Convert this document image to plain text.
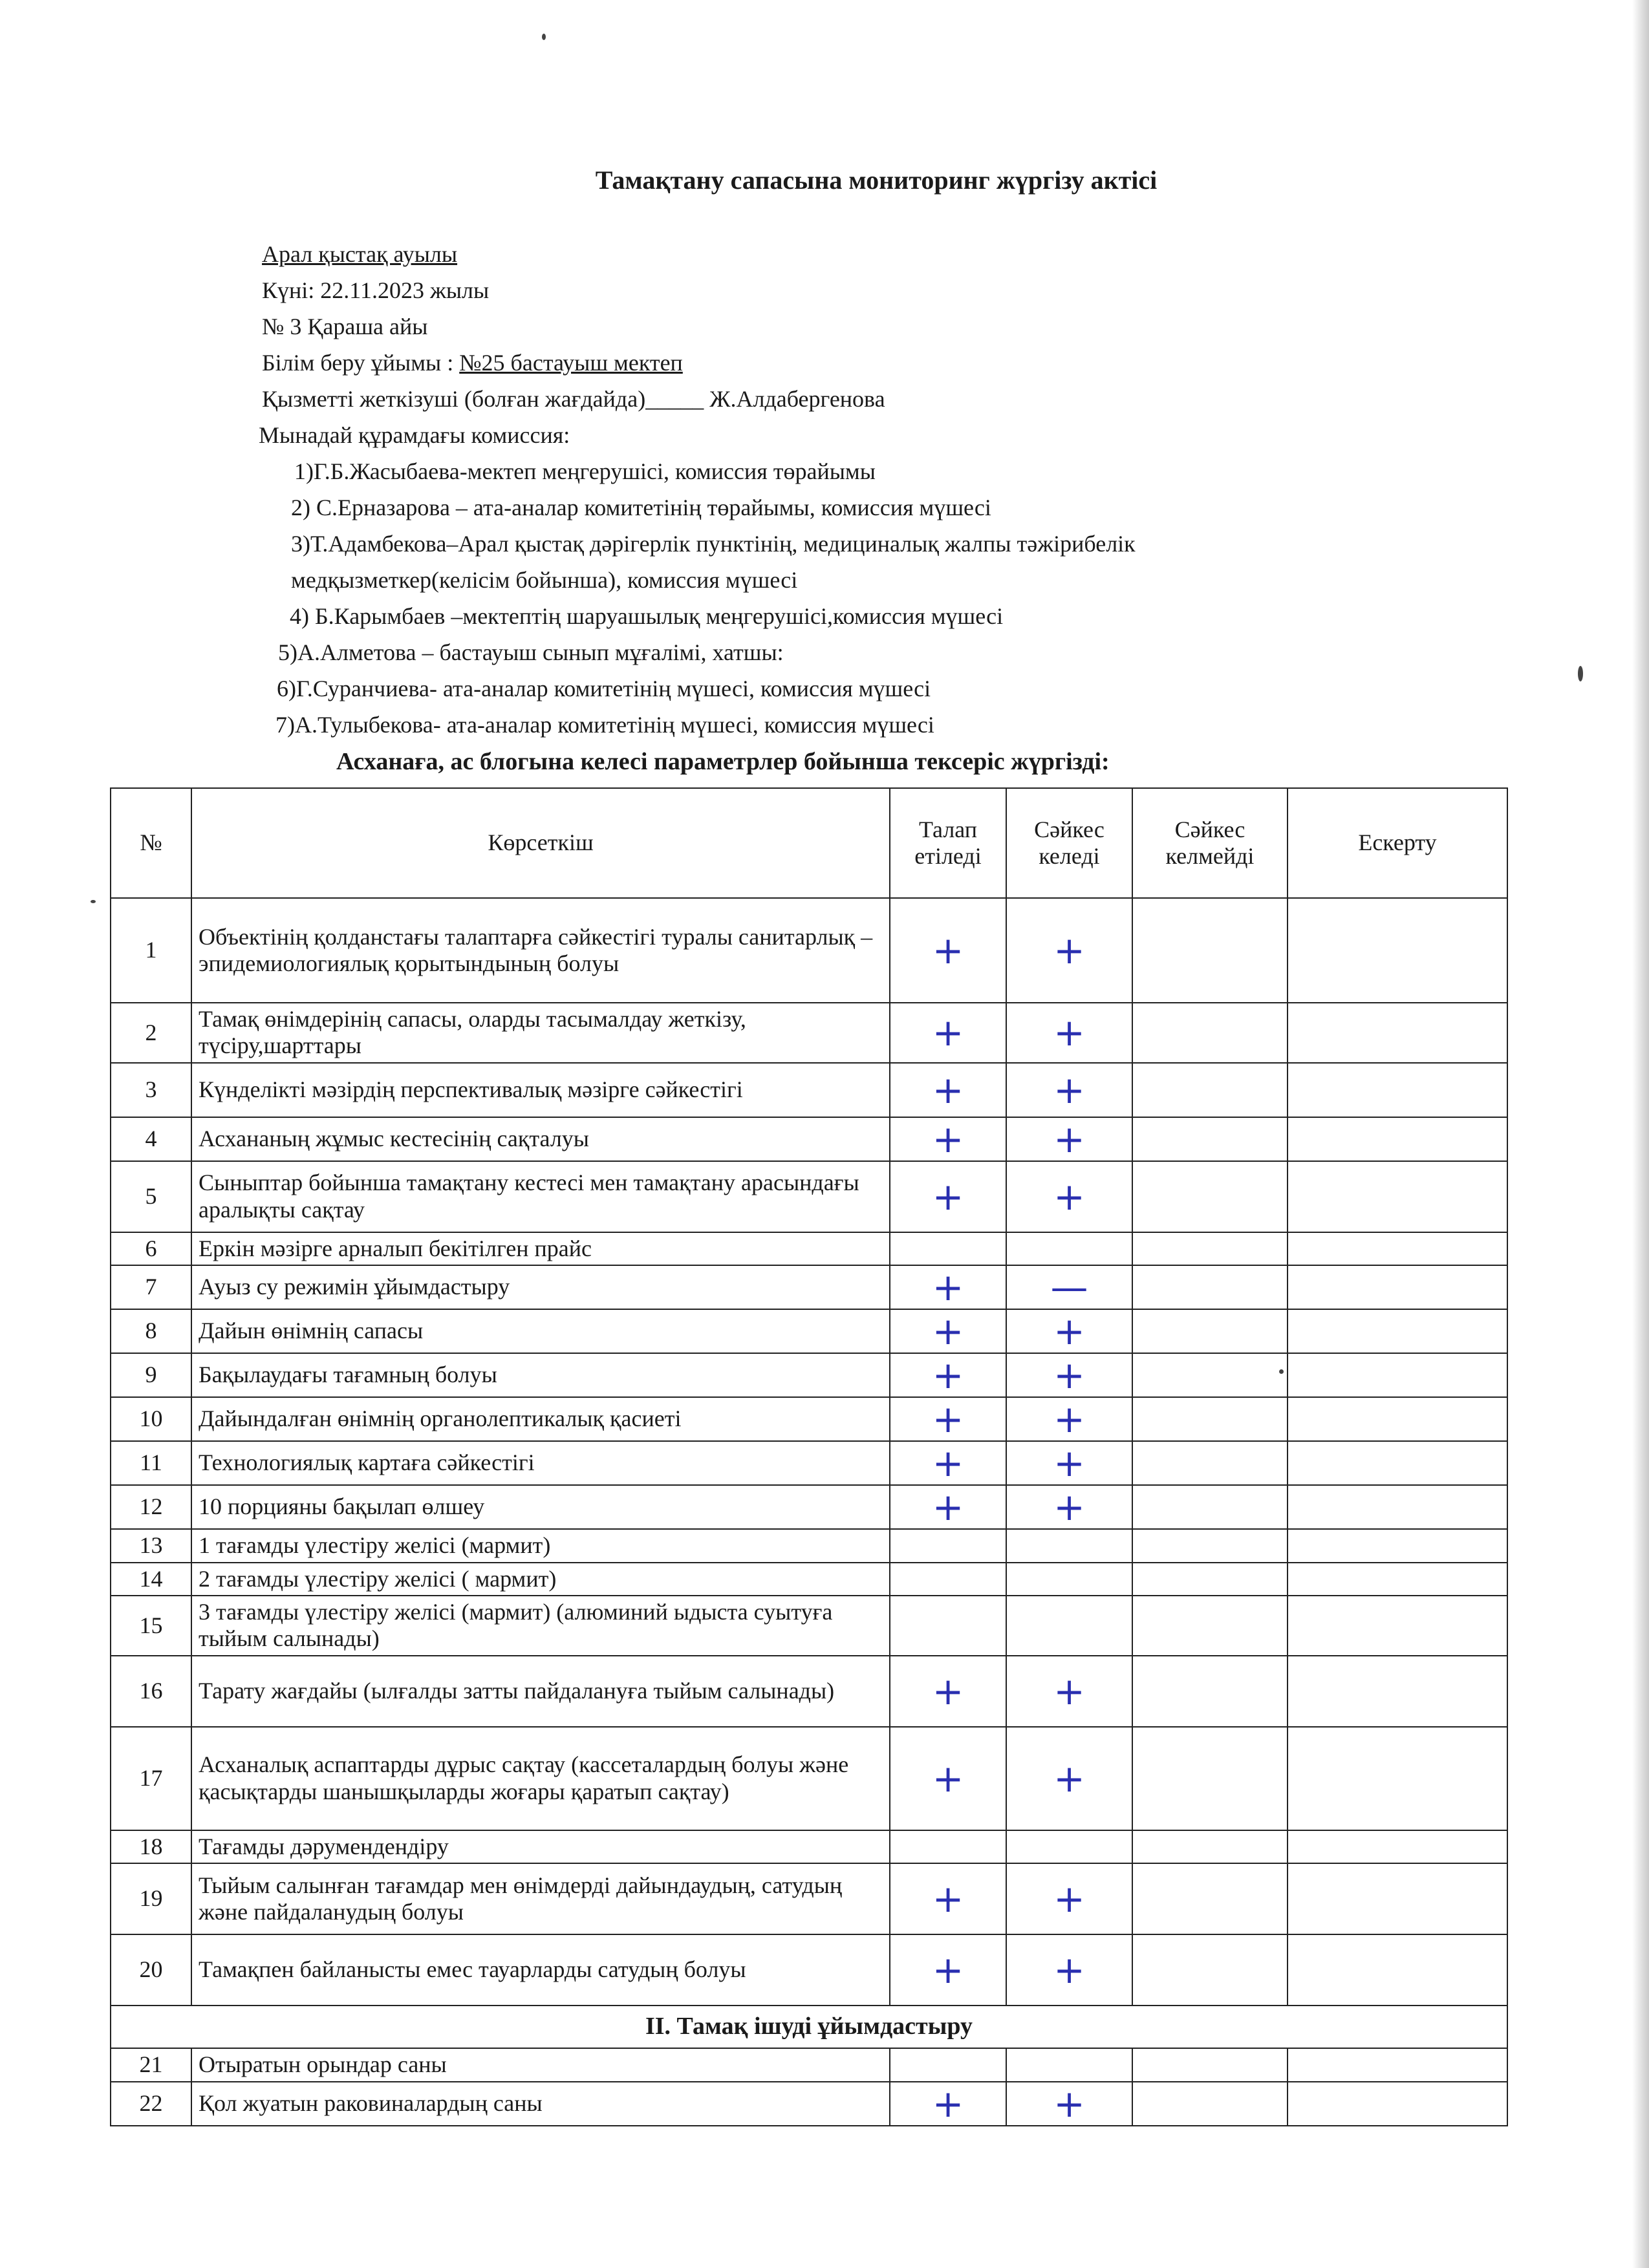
Тамақтану сапасына мониторинг жүргізу актісі
Арал қыстақ ауылы
Күні: 22.11.2023 жылы
№ 3 Қараша айы
Білім беру ұйымы : №25 бастауыш мектеп
Қызметті жеткізуші (болған жағдайда)_____ Ж.Алдабергенова
Мынадай құрамдағы комиссия:
1)Г.Б.Жасыбаева-мектеп меңгерушісі, комиссия төрайымы
2) С.Ерназарова – ата-аналар комитетінің төрайымы, комиссия мүшесі
3)Т.Адамбекова–Арал қыстақ дәрігерлік пунктінің, медициналық жалпы тәжірибелік
медқызметкер(келісім бойынша), комиссия мүшесі
4) Б.Карымбаев –мектептің шаруашылық меңгерушісі,комиссия мүшесі
5)А.Алметова – бастауыш сынып мұғалімі, хатшы:
6)Г.Суранчиева- ата-аналар комитетінің мүшесі, комиссия мүшесі
7)А.Тулыбекова- ата-аналар комитетінің мүшесі, комиссия мүшесі
Асханаға, ас блогына келесі параметрлер бойынша тексеріс жүргізді:
№	Көрсеткіш	Талап етіледі	Сәйкес келеді	Сәйкес келмейді	Ескерту
1	Объектінің қолданстағы талаптарға сәйкестігі туралы санитарлық – эпидемиологиялық қорытындының болуы	+	+		
2	Тамақ өнімдерінің сапасы, оларды тасымалдау жеткізу, түсіру,шарттары	+	+		
3	Күнделікті мәзірдің перспективалық мәзірге сәйкестігі	+	+		
4	Асхананың жұмыс кестесінің сақталуы	+	+		
5	Сыныптар бойынша тамақтану кестесі мен тамақтану арасындағы аралықты сақтау	+	+		
6	Еркін мәзірге арналып бекітілген прайс				
7	Ауыз су режимін ұйымдастыру	+	—		
8	Дайын өнімнің сапасы	+	+		
9	Бақылаудағы тағамның болуы	+	+		
10	Дайындалған өнімнің органолептикалық қасиеті	+	+		
11	Технологиялық картаға сәйкестігі	+	+		
12	10 порцияны бақылап өлшеу	+	+		
13	1 тағамды үлестіру желісі (мармит)				
14	2 тағамды үлестіру желісі ( мармит)				
15	3 тағамды үлестіру желісі (мармит) (алюминий ыдыста суытуға тыйым салынады)				
16	Тарату жағдайы (ылғалды затты пайдалануға тыйым салынады)	+	+		
17	Асханалық аспаптарды дұрыс сақтау (кассеталардың болуы және қасықтарды шанышқыларды жоғары қаратып сақтау)	+	+		
18	Тағамды дәрумендендіру				
19	Тыйым салынған тағамдар мен өнімдерді дайындаудың, сатудың және пайдаланудың болуы	+	+		
20	Тамақпен байланысты емес тауарларды сатудың болуы	+	+		
II. Тамақ ішуді ұйымдастыру					
21	Отыратын орындар саны				
22	Қол жуатын раковиналардың саны	+	+		
